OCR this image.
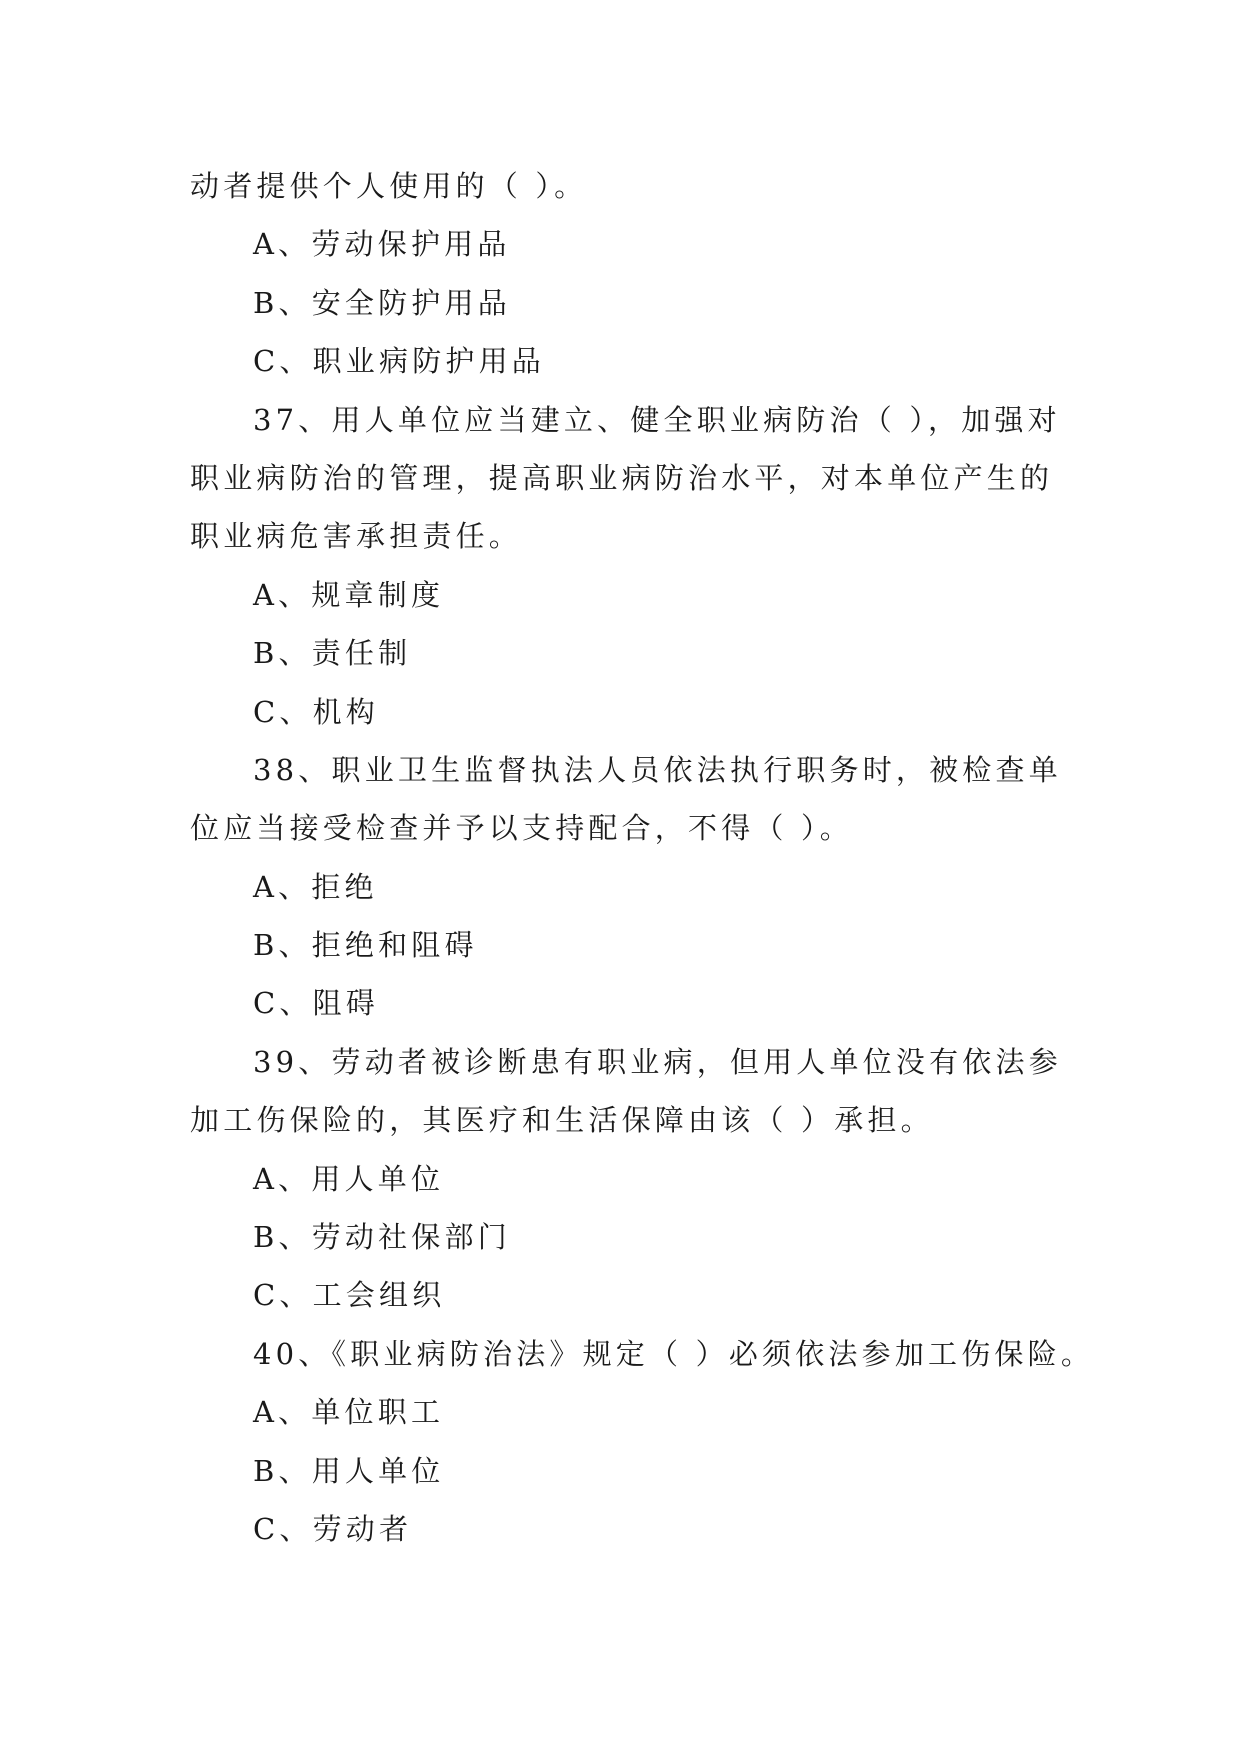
动者提供个人使用的（ ）。
A、劳动保护用品
B、安全防护用品
C、职业病防护用品
37、用人单位应当建立、健全职业病防治（ ），加强对
职业病防治的管理，提高职业病防治水平，对本单位产生的
职业病危害承担责任。
A、规章制度
B、责任制
C、机构
38、职业卫生监督执法人员依法执行职务时，被检查单
位应当接受检查并予以支持配合，不得（ ）。
A、拒绝
B、拒绝和阻碍
C、阻碍
39、劳动者被诊断患有职业病，但用人单位没有依法参
加工伤保险的，其医疗和生活保障由该（ ）承担。
A、用人单位
B、劳动社保部门
C、工会组织
40、《职业病防治法》规定（ ）必须依法参加工伤保险。
A、单位职工
B、用人单位
C、劳动者
